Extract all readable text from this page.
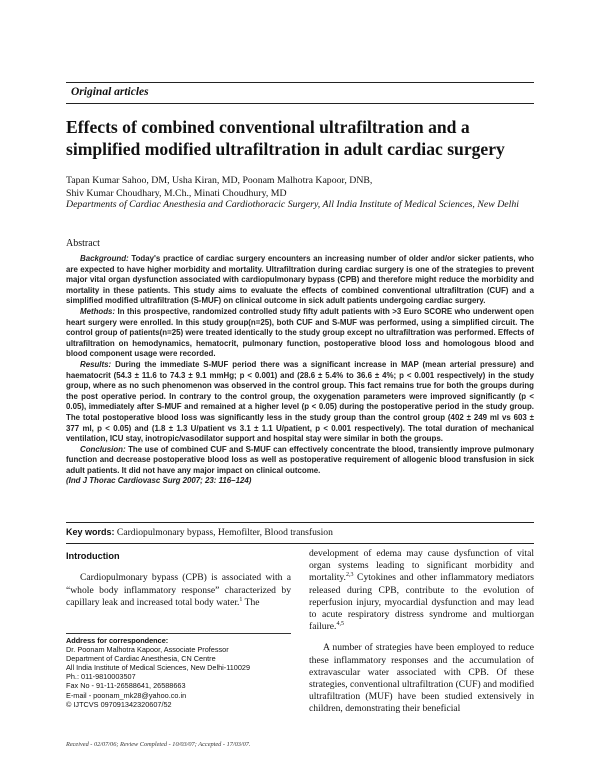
Original articles
Effects of combined conventional ultrafiltration and a simplified modified ultrafiltration in adult cardiac surgery
Tapan Kumar Sahoo, DM, Usha Kiran, MD, Poonam Malhotra Kapoor, DNB,
Shiv Kumar Choudhary, M.Ch., Minati Choudhury, MD
Departments of Cardiac Anesthesia and Cardiothoracic Surgery, All India Institute of Medical Sciences, New Delhi
Abstract

Background: Today's practice of cardiac surgery encounters an increasing number of older and/or sicker patients, who are expected to have higher morbidity and mortality. Ultrafiltration during cardiac surgery is one of the strategies to prevent major vital organ dysfunction associated with cardiopulmonary bypass (CPB) and therefore might reduce the morbidity and mortality in these patients. This study aims to evaluate the effects of combined conventional ultrafiltration (CUF) and a simplified modified ultrafiltration (S-MUF) on clinical outcome in sick adult patients undergoing cardiac surgery.

Methods: In this prospective, randomized controlled study fifty adult patients with >3 Euro SCORE who underwent open heart surgery were enrolled. In this study group(n=25), both CUF and S-MUF was performed, using a simplified circuit. The control group of patients(n=25) were treated identically to the study group except no ultrafiltration was performed. Effects of ultrafiltration on hemodynamics, hematocrit, pulmonary function, postoperative blood loss and homologous blood and blood component usage were recorded.

Results: During the immediate S-MUF period there was a significant increase in MAP (mean arterial pressure) and haematocrit (54.3 ± 11.6 to 74.3 ± 9.1 mmHg; p < 0.001) and (28.6 ± 5.4% to 36.6 ± 4%; p < 0.001 respectively) in the study group, where as no such phenomenon was observed in the control group. This fact remains true for both the groups during the post operative period. In contrary to the control group, the oxygenation parameters were improved significantly (p < 0.05), immediately after S-MUF and remained at a higher level (p < 0.05) during the postoperative period in the study group. The total postoperative blood loss was significantly less in the study group than the control group (402 ± 249 ml vs 603 ± 377 ml, p < 0.05) and (1.8 ± 1.3 U/patient vs 3.1 ± 1.1 U/patient, p < 0.001 respectively). The total duration of mechanical ventilation, ICU stay, inotropic/vasodilator support and hospital stay were similar in both the groups.

Conclusion: The use of combined CUF and S-MUF can effectively concentrate the blood, transiently improve pulmonary function and decrease postoperative blood loss as well as postoperative requirement of allogenic blood transfusion in sick adult patients. It did not have any major impact on clinical outcome.
(Ind J Thorac Cardiovasc Surg 2007; 23: 116–124)

Key words: Cardiopulmonary bypass, Hemofilter, Blood transfusion
Introduction

Cardiopulmonary bypass (CPB) is associated with a “whole body inflammatory response” characterized by capillary leak and increased total body water.$^1$ The

Address for correspondence:
Dr. Poonam Malhotra Kapoor, Associate Professor
Department of Cardiac Anesthesia, CN Centre
All India Institute of Medical Sciences, New Delhi-110029
Ph.: 011-9810003507
Fax No - 91-11-26588641, 26588663
E-mail - poonam_mk28@yahoo.co.in
© IJTCVS 097091342320607/52
Received - 02/07/06; Review Completed - 10/03/07; Accepted - 17/03/07.

development of edema may cause dysfunction of vital organ systems leading to significant morbidity and mortality.$^{2,3}$ Cytokines and other inflammatory mediators released during CPB, contribute to the evolution of reperfusion injury, myocardial dysfunction and may lead to acute respiratory distress syndrome and multiorgan failure.$^{4,5}$

A number of strategies have been employed to reduce these inflammatory responses and the accumulation of extravascular water associated with CPB. Of these strategies, conventional ultrafiltration (CUF) and modified ultrafiltration (MUF) have been studied extensively in children, demonstrating their beneficial
